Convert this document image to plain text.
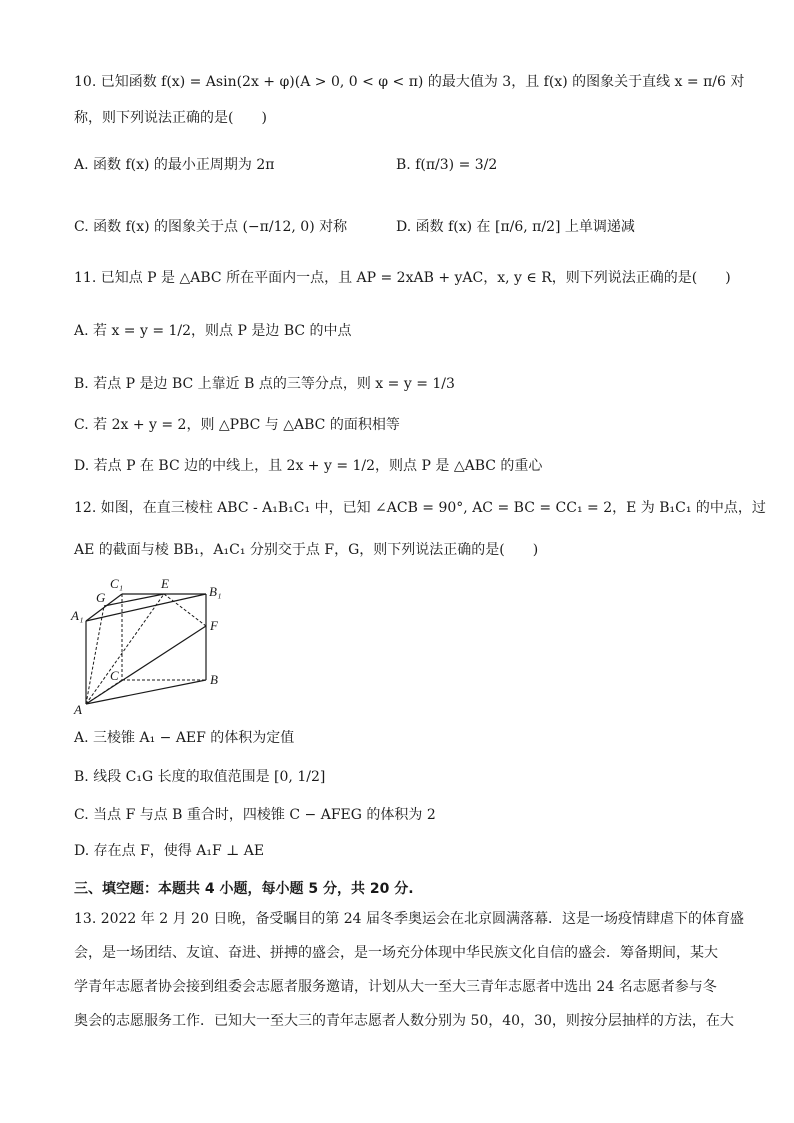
10. 已知函数 f(x) = Asin(2x + φ)(A > 0, 0 < φ < π) 的最大值为 3，且 f(x) 的图象关于直线 x = π/6 对
称，则下列说法正确的是(　　)
A. 函数 f(x) 的最小正周期为 2π	B. f(π/3) = 3/2
C. 函数 f(x) 的图象关于点 (−π/12, 0) 对称	D. 函数 f(x) 在 [π/6, π/2] 上单调递减
11. 已知点 P 是 △ABC 所在平面内一点，且 AP = 2xAB + yAC，x, y ∈ R，则下列说法正确的是(　　)
A. 若 x = y = 1/2，则点 P 是边 BC 的中点
B. 若点 P 是边 BC 上靠近 B 点的三等分点，则 x = y = 1/3
C. 若 2x + y = 2，则 △PBC 与 △ABC 的面积相等
D. 若点 P 在 BC 边的中线上，且 2x + y = 1/2，则点 P 是 △ABC 的重心
12. 如图，在直三棱柱 ABC - A₁B₁C₁ 中，已知 ∠ACB = 90°, AC = BC = CC₁ = 2，E 为 B₁C₁ 的中点，过
AE 的截面与棱 BB₁，A₁C₁ 分别交于点 F，G，则下列说法正确的是(　　)
A
B
C
A₁
B₁
C₁	E
F
G
A. 三棱锥 A₁ − AEF 的体积为定值
B. 线段 C₁G 长度的取值范围是 [0, 1/2]
C. 当点 F 与点 B 重合时，四棱锥 C − AFEG 的体积为 2
D. 存在点 F，使得 A₁F ⊥ AE
三、填空题：本题共 4 小题，每小题 5 分，共 20 分.
13. 2022 年 2 月 20 日晚，备受瞩目的第 24 届冬季奥运会在北京圆满落幕．这是一场疫情肆虐下的体育盛
会，是一场团结、友谊、奋进、拼搏的盛会，是一场充分体现中华民族文化自信的盛会．筹备期间，某大
学青年志愿者协会接到组委会志愿者服务邀请，计划从大一至大三青年志愿者中选出 24 名志愿者参与冬
奥会的志愿服务工作．已知大一至大三的青年志愿者人数分别为 50，40，30，则按分层抽样的方法，在大
